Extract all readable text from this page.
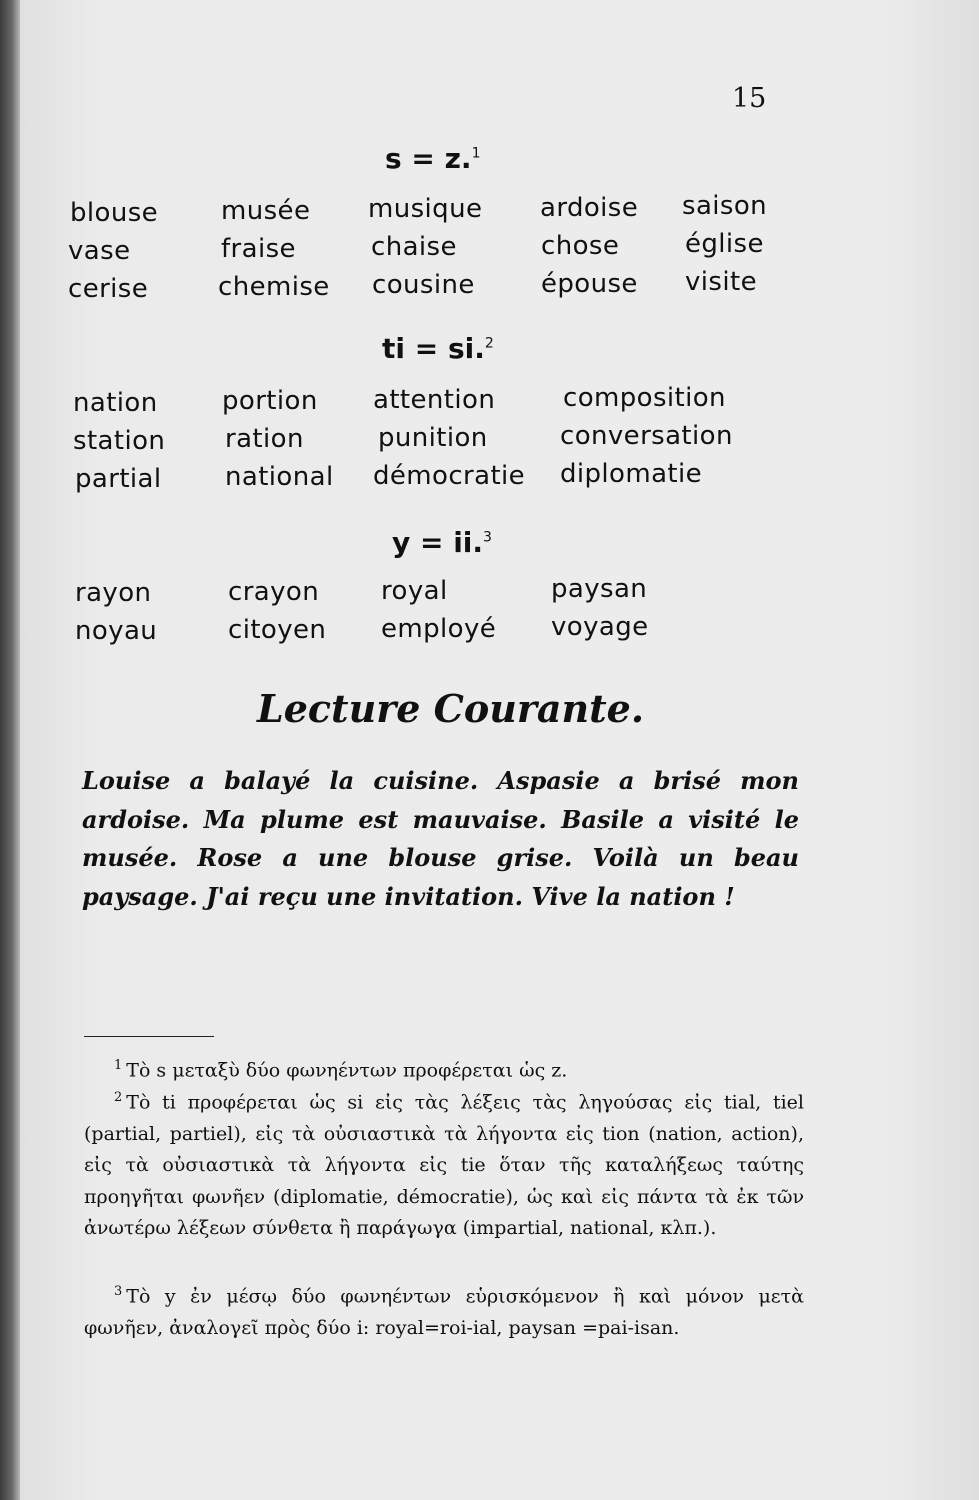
15
s = z.$^1$
blouse musée musique ardoise saison
vase	fraise	chaise	chose	église
cerise	chemise cousine	épouse visite
ti = si.$^2$
nation portion attention	composition
station ration	punition	conversation
partial national démocratie diplomatie
y = ii.$^3$
rayon	crayon royal	paysan
noyau	citoyen employé voyage
Lecture Courante.
Louise a balayé la cuisine. Aspasie a brisé mon ardoise. Ma plume est mauvaise. Basile a visité le musée. Rose a une blouse grise. Voilà un beau paysage. J'ai reçu une invitation. Vive la nation !
$^1$ Τὸ s μεταξὺ δύο φωνηέντων προφέρεται ὡς z.
$^2$ Τὸ ti προφέρεται ὡς si εἰς τὰς λέξεις τὰς ληγούσας εἰς tial, tiel (partial, partiel), εἰς τὰ οὐσιαστικὰ τὰ λήγοντα εἰς tion (nation, action), εἰς τὰ οὐσιαστικὰ τὰ λήγοντα εἰς tie ὅταν τῆς καταλήξεως ταύτης προηγῆται φωνῆεν (diplomatie, démocratie), ὡς καὶ εἰς πάντα τὰ ἐκ τῶν ἀνωτέρω λέξεων σύνθετα ἢ παράγωγα (impartial, national, κλπ.).
$^3$ Τὸ y ἐν μέσῳ δύο φωνηέντων εὑρισκόμενον ἢ καὶ μόνον μετὰ φωνῆεν, ἀναλογεῖ πρὸς δύο i: royal=roi-ial, paysan =pai-isan.
